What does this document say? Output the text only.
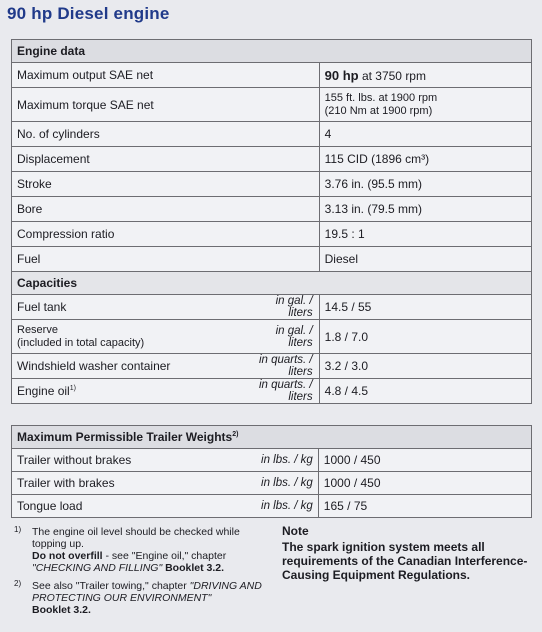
90 hp Diesel engine
Engine data		
Maximum output SAE net		90 hp at 3750 rpm
Maximum torque SAE net		155 ft. lbs. at 1900 rpm
(210 Nm at 1900 rpm)

No. of cylinders		4
Displacement		115 CID (1896 cm³)
Stroke		3.76 in. (95.5 mm)
Bore		3.13 in. (79.5 mm)
Compression ratio		19.5 : 1
Fuel		Diesel
Capacities		
Fuel tank	in gal. / liters	14.5 / 55

Reserve
(included in total capacity)	in gal. / liters	1.8 / 7.0
Windshield washer container	in quarts. / liters	3.2 / 3.0
Engine oil$^{1)}$	in quarts. / liters	4.8 / 4.5
Maximum Permissible Trailer Weights$^{2)}$
Trailer without brakes	in lbs. / kg	1000 / 450
Trailer with brakes	in lbs. / kg	1000 / 450
Tongue load	in lbs. / kg	165 / 75
1) The engine oil level should be checked while topping up.
Do not overfill - see "Engine oil," chapter "CHECKING AND FILLING" Booklet 3.2.
2) See also "Trailer towing," chapter "DRIVING AND PROTECTING OUR ENVIRONMENT"
Booklet 3.2.
Note
The spark ignition system meets all requirements of the Canadian Interference-Causing Equipment Regulations.
